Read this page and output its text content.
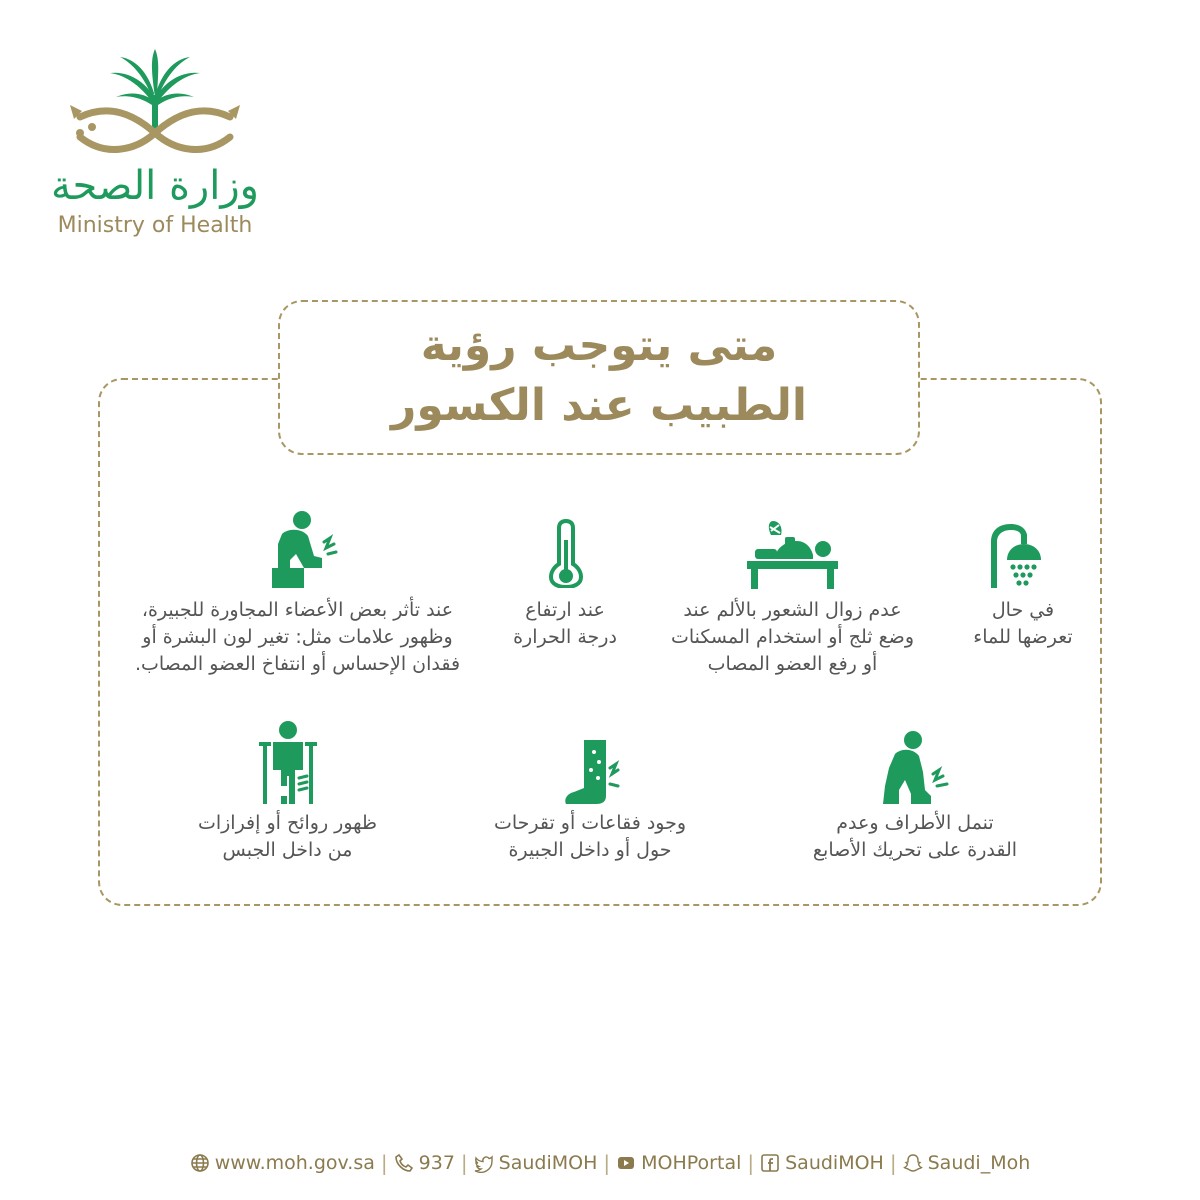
وزارة الصحة
Ministry of Health
متى يتوجب رؤية
الطبيب عند الكسور
في حال
تعرضها للماء
عدم زوال الشعور بالألم عند
وضع ثلج أو استخدام المسكنات
أو رفع العضو المصاب
عند ارتفاع
درجة الحرارة
عند تأثر بعض الأعضاء المجاورة للجبيرة،
وظهور علامات مثل: تغير لون البشرة أو
فقدان الإحساس أو انتفاخ العضو المصاب.
تنمل الأطراف وعدم
القدرة على تحريك الأصابع
وجود فقاعات أو تقرحات
حول أو داخل الجبيرة
ظهور روائح أو إفرازات
من داخل الجبس
www.moh.gov.sa | 937 | SaudiMOH | MOHPortal | SaudiMOH | Saudi_Moh
